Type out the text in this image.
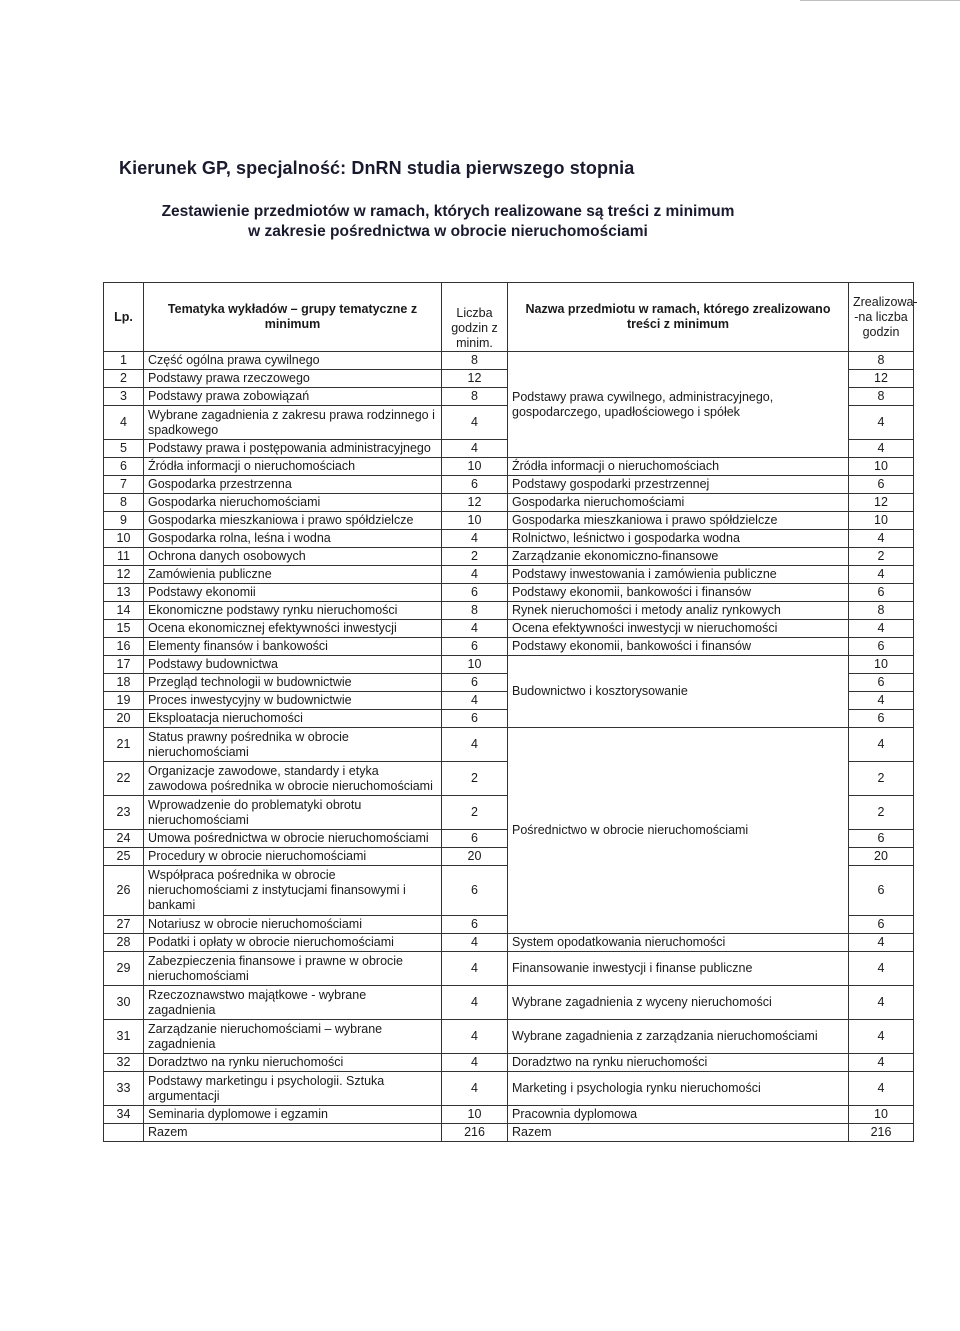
Kierunek GP, specjalność: DnRN studia pierwszego stopnia
Zestawienie przedmiotów w ramach, których realizowane są treści z minimum
w zakresie pośrednictwa w obrocie nieruchomościami
Lp.	Tematyka wykładów – grupy tematyczne z minimum	Liczba godzin z minim.	Nazwa przedmiotu w ramach, którego zrealizowano treści z minimum	Zrealizowa--na liczba godzin
1	Część ogólna prawa cywilnego	8	Podstawy prawa cywilnego, administracyjnego, gospodarczego, upadłościowego i spółek	8
2	Podstawy prawa rzeczowego	12		12
3	Podstawy prawa zobowiązań	8		8
4	Wybrane zagadnienia z zakresu prawa rodzinnego i spadkowego	4		4
5	Podstawy prawa i postępowania administracyjnego	4		4
6	Źródła informacji o nieruchomościach	10	Źródła informacji o nieruchomościach	10
7	Gospodarka przestrzenna	6	Podstawy gospodarki przestrzennej	6
8	Gospodarka nieruchomościami	12	Gospodarka nieruchomościami	12
9	Gospodarka mieszkaniowa i prawo spółdzielcze	10	Gospodarka mieszkaniowa i prawo spółdzielcze	10
10	Gospodarka rolna, leśna i wodna	4	Rolnictwo, leśnictwo i gospodarka wodna	4
11	Ochrona danych osobowych	2	Zarządzanie ekonomiczno-finansowe	2
12	Zamówienia publiczne	4	Podstawy inwestowania i zamówienia publiczne	4
13	Podstawy ekonomii	6	Podstawy ekonomii, bankowości i finansów	6
14	Ekonomiczne podstawy rynku nieruchomości	8	Rynek nieruchomości i metody analiz rynkowych	8
15	Ocena ekonomicznej efektywności inwestycji	4	Ocena efektywności inwestycji w nieruchomości	4
16	Elementy finansów i bankowości	6	Podstawy ekonomii, bankowości i finansów	6
17	Podstawy budownictwa	10	Budownictwo i kosztorysowanie	10
18	Przegląd technologii w budownictwie	6		6
19	Proces inwestycyjny w budownictwie	4		4
20	Eksploatacja nieruchomości	6		6
21	Status prawny pośrednika w obrocie nieruchomościami	4	Pośrednictwo w obrocie nieruchomościami	4
22	Organizacje zawodowe, standardy i etyka zawodowa pośrednika w obrocie nieruchomościami	2		2
23	Wprowadzenie do problematyki obrotu nieruchomościami	2		2
24	Umowa pośrednictwa w obrocie nieruchomościami	6		6
25	Procedury w obrocie nieruchomościami	20		20
26	Współpraca pośrednika w obrocie nieruchomościami z instytucjami finansowymi i bankami	6		6
27	Notariusz w obrocie nieruchomościami	6		6
28	Podatki i opłaty w obrocie nieruchomościami	4	System opodatkowania nieruchomości	4
29	Zabezpieczenia finansowe i prawne w obrocie nieruchomościami	4	Finansowanie inwestycji i finanse publiczne	4
30	Rzeczoznawstwo majątkowe - wybrane zagadnienia	4	Wybrane zagadnienia z wyceny nieruchomości	4
31	Zarządzanie nieruchomościami – wybrane zagadnienia	4	Wybrane zagadnienia z zarządzania nieruchomościami	4
32	Doradztwo na rynku nieruchomości	4	Doradztwo na rynku nieruchomości	4
33	Podstawy marketingu i psychologii. Sztuka argumentacji	4	Marketing i psychologia rynku nieruchomości	4
34	Seminaria dyplomowe i egzamin	10	Pracownia dyplomowa	10
	Razem	216	Razem	216
